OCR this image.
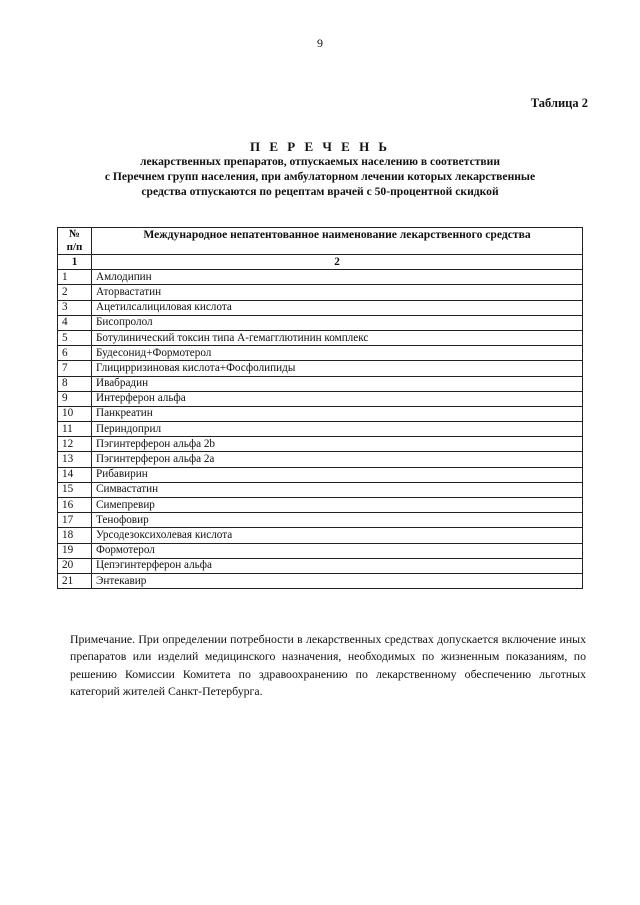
9
Таблица 2
П Е Р Е Ч Е Н Ь
лекарственных препаратов, отпускаемых населению в соответствии
с Перечнем групп населения, при амбулаторном лечении которых лекарственные
средства отпускаются по рецептам врачей с 50-процентной скидкой
№
п/п	Международное непатентованное наименование лекарственного средства
1	2
1	Амлодипин
2	Аторвастатин
3	Ацетилсалициловая кислота
4	Бисопролол
5	Ботулинический токсин типа А-гемагглютинин комплекс
6	Будесонид+Формотерол
7	Глицирризиновая кислота+Фосфолипиды
8	Ивабрадин
9	Интерферон альфа
10	Панкреатин
11	Периндоприл
12	Пэгинтерферон альфа 2b
13	Пэгинтерферон альфа 2а
14	Рибавирин
15	Симвастатин
16	Симепревир
17	Тенофовир
18	Урсодезоксихолевая кислота
19	Формотерол
20	Цепэгинтерферон альфа
21	Энтекавир
Примечание. При определении потребности в лекарственных средствах допускается включение иных препаратов или изделий медицинского назначения, необходимых по жизненным показаниям, по решению Комиссии Комитета по здравоохранению по лекарственному обеспечению льготных категорий жителей Санкт-Петербурга.
